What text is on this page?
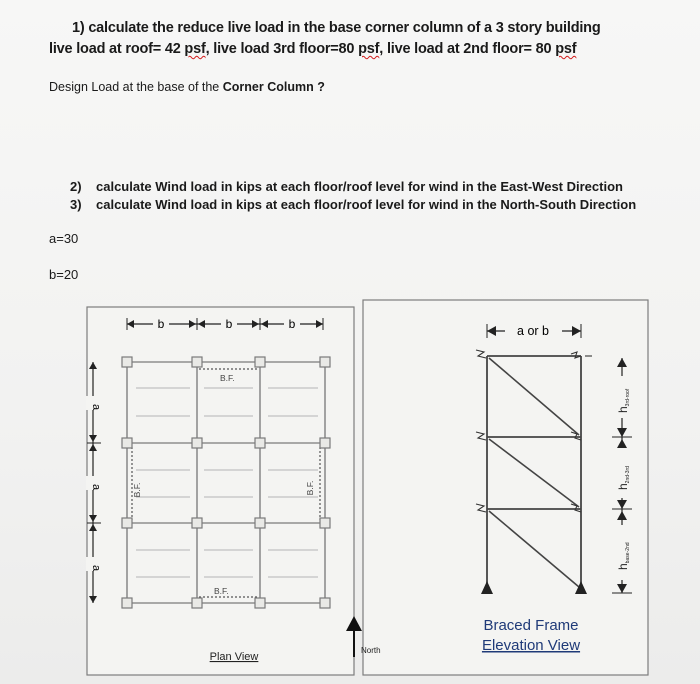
1) calculate the reduce live load in the base corner column of a 3 story building
live load at roof= 42 psf, live load 3rd floor=80 psf, live load at 2nd floor= 80 psf
Design Load at the base of the Corner Column ?
2) calculate Wind load in kips at each floor/roof level for wind in the East-West Direction
3) calculate Wind load in kips at each floor/roof level for wind in the North-South Direction
a=30
b=20
b	b	b
a
a
a
B.F.
B.F.
B.F.	B.F.
North
Plan View
a or b
h3rd-roof
h2nd-3rd
hbase-2nd
Braced Frame
Elevation View
